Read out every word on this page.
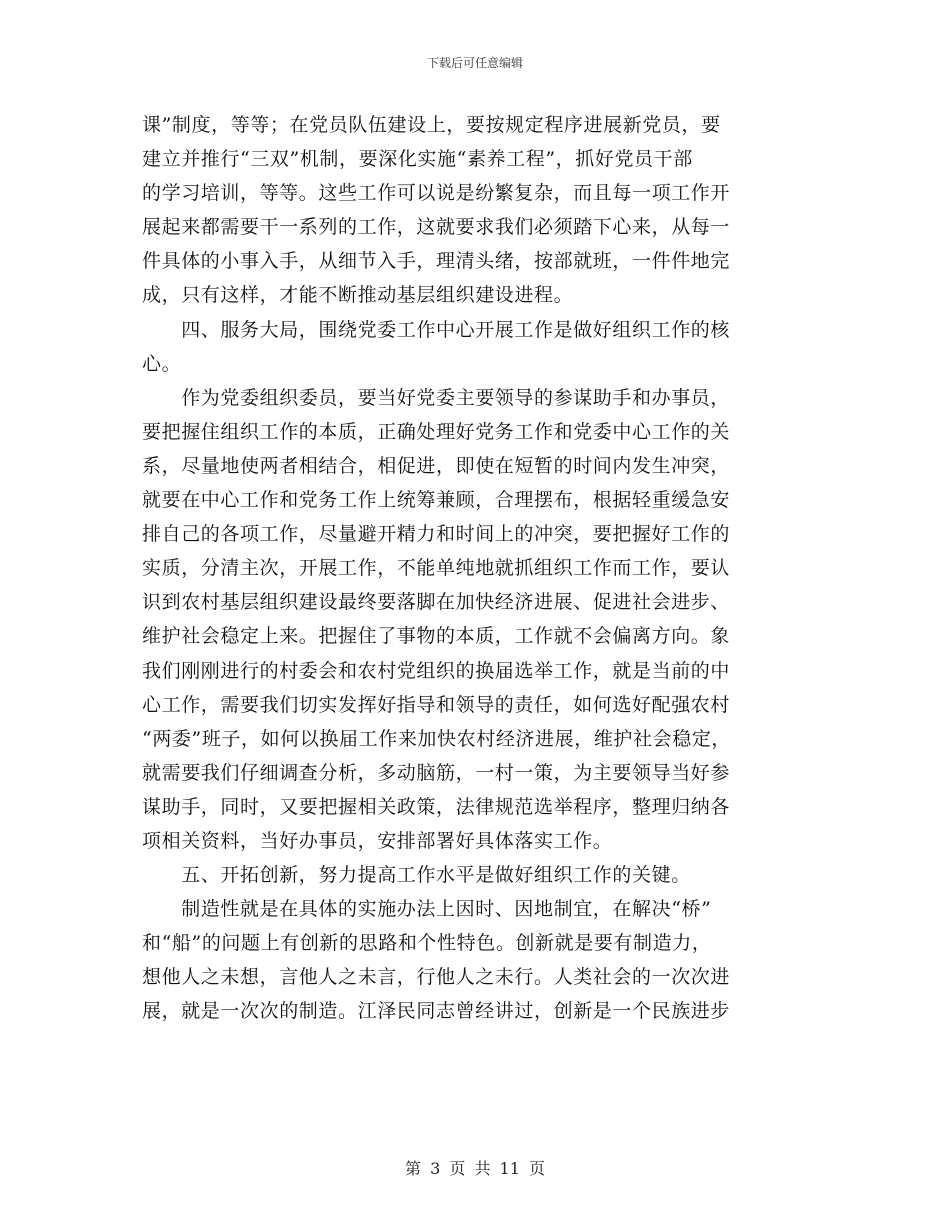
下载后可任意编辑
课”制度，等等；在党员队伍建设上，要按规定程序进展新党员，要
建立并推行“三双”机制，要深化实施“素养工程”，抓好党员干部
的学习培训，等等。这些工作可以说是纷繁复杂，而且每一项工作开
展起来都需要干一系列的工作，这就要求我们必须踏下心来，从每一
件具体的小事入手，从细节入手，理清头绪，按部就班，一件件地完
成，只有这样，才能不断推动基层组织建设进程。
　　四、服务大局，围绕党委工作中心开展工作是做好组织工作的核
心。
　　作为党委组织委员，要当好党委主要领导的参谋助手和办事员，
要把握住组织工作的本质，正确处理好党务工作和党委中心工作的关
系，尽量地使两者相结合，相促进，即使在短暂的时间内发生冲突，
就要在中心工作和党务工作上统筹兼顾，合理摆布，根据轻重缓急安
排自己的各项工作，尽量避开精力和时间上的冲突，要把握好工作的
实质，分清主次，开展工作，不能单纯地就抓组织工作而工作，要认
识到农村基层组织建设最终要落脚在加快经济进展、促进社会进步、
维护社会稳定上来。把握住了事物的本质，工作就不会偏离方向。象
我们刚刚进行的村委会和农村党组织的换届选举工作，就是当前的中
心工作，需要我们切实发挥好指导和领导的责任，如何选好配强农村
“两委”班子，如何以换届工作来加快农村经济进展，维护社会稳定，
就需要我们仔细调查分析，多动脑筋，一村一策，为主要领导当好参
谋助手，同时，又要把握相关政策，法律规范选举程序，整理归纳各
项相关资料，当好办事员，安排部署好具体落实工作。
　　五、开拓创新，努力提高工作水平是做好组织工作的关键。
　　制造性就是在具体的实施办法上因时、因地制宜，在解决“桥”
和“船”的问题上有创新的思路和个性特色。创新就是要有制造力，
想他人之未想，言他人之未言，行他人之未行。人类社会的一次次进
展，就是一次次的制造。江泽民同志曾经讲过，创新是一个民族进步
第 3 页 共 11 页
